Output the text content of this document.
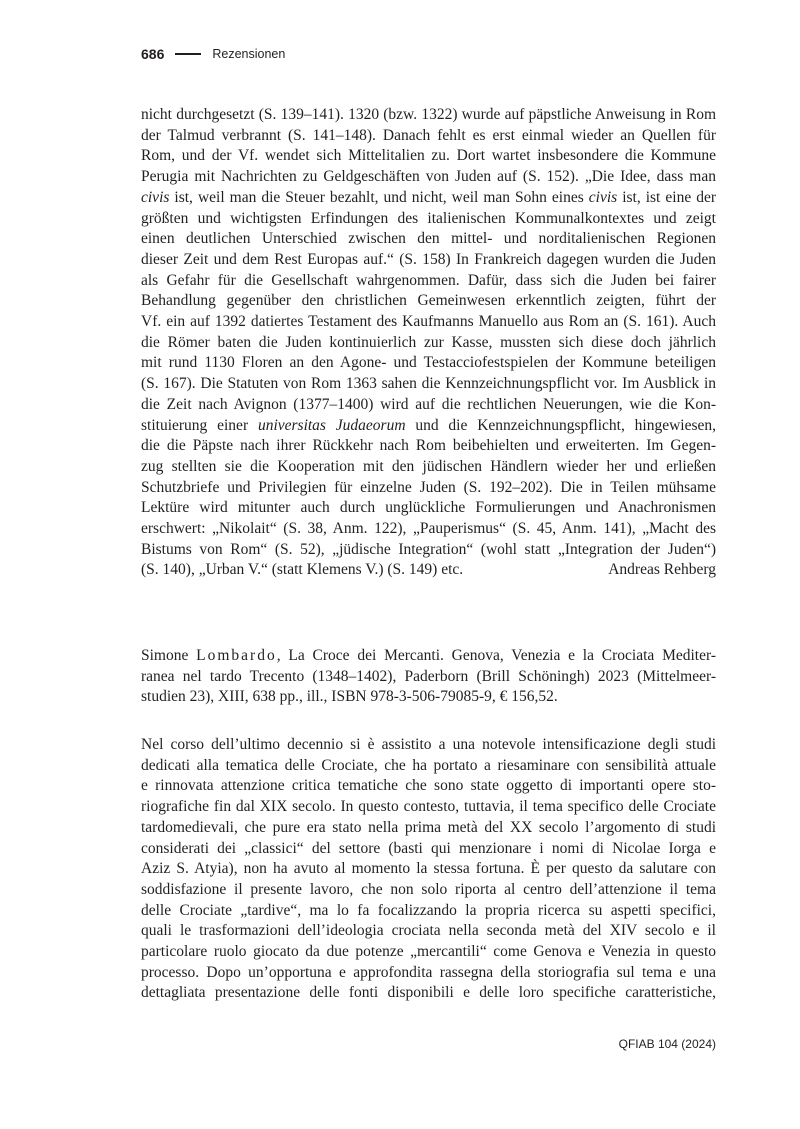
686	Rezensionen
nicht durchgesetzt (S. 139–141). 1320 (bzw. 1322) wurde auf päpstliche Anweisung in Rom
der Talmud verbrannt (S. 141–148). Danach fehlt es erst einmal wieder an Quellen für
Rom, und der Vf. wendet sich Mittelitalien zu. Dort wartet insbesondere die Kommune
Perugia mit Nachrichten zu Geldgeschäften von Juden auf (S. 152). „Die Idee, dass man
civis ist, weil man die Steuer bezahlt, und nicht, weil man Sohn eines civis ist, ist eine der
größten und wichtigsten Erfindungen des italienischen Kommunalkontextes und zeigt
einen deutlichen Unterschied zwischen den mittel- und norditalienischen Regionen
dieser Zeit und dem Rest Europas auf.“ (S. 158) In Frankreich dagegen wurden die Juden
als Gefahr für die Gesellschaft wahrgenommen. Dafür, dass sich die Juden bei fairer
Behandlung gegenüber den christlichen Gemeinwesen erkenntlich zeigten, führt der
Vf. ein auf 1392 datiertes Testament des Kaufmanns Manuello aus Rom an (S. 161). Auch
die Römer baten die Juden kontinuierlich zur Kasse, mussten sich diese doch jährlich
mit rund 1130 Floren an den Agone- und Testacciofestspielen der Kommune beteiligen
(S. 167). Die Statuten von Rom 1363 sahen die Kennzeichnungspflicht vor. Im Ausblick in
die Zeit nach Avignon (1377–1400) wird auf die rechtlichen Neuerungen, wie die Kon-
stituierung einer universitas Judaeorum und die Kennzeichnungspflicht, hingewiesen,
die die Päpste nach ihrer Rückkehr nach Rom beibehielten und erweiterten. Im Gegen-
zug stellten sie die Kooperation mit den jüdischen Händlern wieder her und erließen
Schutzbriefe und Privilegien für einzelne Juden (S. 192–202). Die in Teilen mühsame
Lektüre wird mitunter auch durch unglückliche Formulierungen und Anachronismen
erschwert: „Nikolait“ (S. 38, Anm. 122), „Pauperismus“ (S. 45, Anm. 141), „Macht des
Bistums von Rom“ (S. 52), „jüdische Integration“ (wohl statt „Integration der Juden“)
(S. 140), „Urban V.“ (statt Klemens V.) (S. 149) etc.	Andreas Rehberg
Simone Lombardo, La Croce dei Mercanti. Genova, Venezia e la Crociata Mediter-
ranea nel tardo Trecento (1348–1402), Paderborn (Brill Schöningh) 2023 (Mittelmeer-
studien 23), XIII, 638 pp., ill., ISBN 978-3-506-79085-9, € 156,52.
Nel corso dell’ultimo decennio si è assistito a una notevole intensificazione degli studi
dedicati alla tematica delle Crociate, che ha portato a riesaminare con sensibilità attuale
e rinnovata attenzione critica tematiche che sono state oggetto di importanti opere sto-
riografiche fin dal XIX secolo. In questo contesto, tuttavia, il tema specifico delle Crociate
tardomedievali, che pure era stato nella prima metà del XX secolo l’argomento di studi
considerati dei „classici“ del settore (basti qui menzionare i nomi di Nicolae Iorga e
Aziz S. Atyia), non ha avuto al momento la stessa fortuna. È per questo da salutare con
soddisfazione il presente lavoro, che non solo riporta al centro dell’attenzione il tema
delle Crociate „tardive“, ma lo fa focalizzando la propria ricerca su aspetti specifici,
quali le trasformazioni dell’ideologia crociata nella seconda metà del XIV secolo e il
particolare ruolo giocato da due potenze „mercantili“ come Genova e Venezia in questo
processo. Dopo un’opportuna e approfondita rassegna della storiografia sul tema e una
dettagliata presentazione delle fonti disponibili e delle loro specifiche caratteristiche,
QFIAB 104 (2024)
